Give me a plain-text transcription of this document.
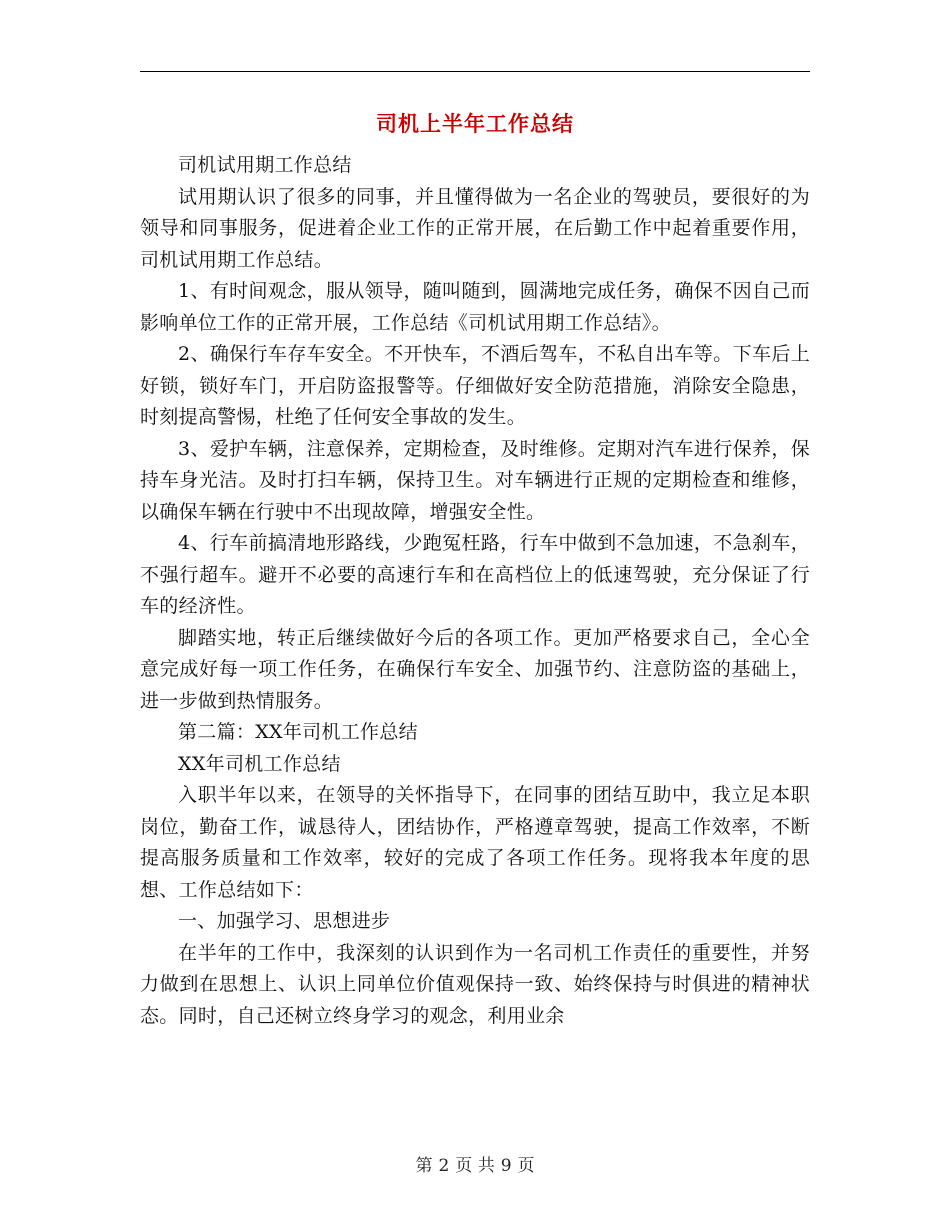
司机上半年工作总结

司机试用期工作总结

试用期认识了很多的同事，并且懂得做为一名企业的驾驶员，要很好的为领导和同事服务，促进着企业工作的正常开展，在后勤工作中起着重要作用，司机试用期工作总结。

1、有时间观念，服从领导，随叫随到，圆满地完成任务，确保不因自己而影响单位工作的正常开展，工作总结《司机试用期工作总结》。

2、确保行车存车安全。不开快车，不酒后驾车，不私自出车等。下车后上好锁，锁好车门，开启防盗报警等。仔细做好安全防范措施，消除安全隐患，时刻提高警惕，杜绝了任何安全事故的发生。

3、爱护车辆，注意保养，定期检查，及时维修。定期对汽车进行保养，保持车身光洁。及时打扫车辆，保持卫生。对车辆进行正规的定期检查和维修，以确保车辆在行驶中不出现故障，增强安全性。

4、行车前搞清地形路线，少跑冤枉路，行车中做到不急加速，不急刹车，不强行超车。避开不必要的高速行车和在高档位上的低速驾驶，充分保证了行车的经济性。

脚踏实地，转正后继续做好今后的各项工作。更加严格要求自己，全心全意完成好每一项工作任务，在确保行车安全、加强节约、注意防盗的基础上，进一步做到热情服务。

第二篇：XX年司机工作总结

XX年司机工作总结

入职半年以来，在领导的关怀指导下，在同事的团结互助中，我立足本职岗位，勤奋工作，诚恳待人，团结协作，严格遵章驾驶，提高工作效率，不断提高服务质量和工作效率，较好的完成了各项工作任务。现将我本年度的思想、工作总结如下：

一、加强学习、思想进步

在半年的工作中，我深刻的认识到作为一名司机工作责任的重要性，并努力做到在思想上、认识上同单位价值观保持一致、始终保持与时俱进的精神状态。同时，自己还树立终身学习的观念，利用业余

第 2 页 共 9 页
